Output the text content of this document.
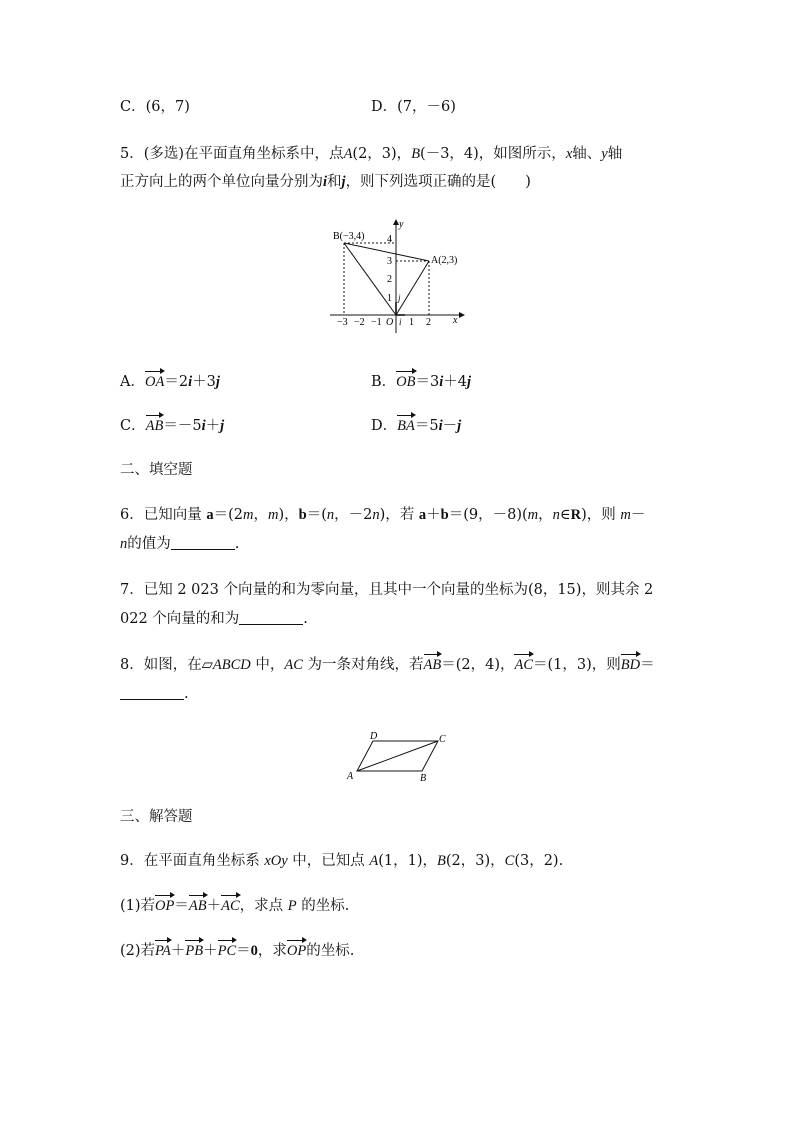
C．(6，7)	D．(7，－6)
5．(多选)在平面直角坐标系中，点A(2，3)，B(－3，4)，如图所示，x轴、y轴
正方向上的两个单位向量分别为i和j，则下列选项正确的是(　　)
B(−3,4)
A(2,3)
x
y
4
3
2
1 j
−3 −2 −1 O i 1 2
A．OA＝2i＋3j	B．OB＝3i＋4j
C．AB＝－5i＋j	D．BA＝5i－j
二、填空题
6．已知向量 a＝(2m，m)，b＝(n，－2n)，若 a＋b＝(9，－8)(m，n∈R)，则 m－
n的值为	.
7．已知 2 023 个向量的和为零向量，且其中一个向量的坐标为(8，15)，则其余 2
022 个向量的和为	.
8．如图，在▱ABCD 中，AC 为一条对角线，若AB＝(2，4)，AC＝(1，3)，则BD＝
.
A	B
C
D
三、解答题
9．在平面直角坐标系 xOy 中，已知点 A(1，1)，B(2，3)，C(3，2).
(1)若OP＝AB＋AC，求点 P 的坐标.
(2)若PA＋PB＋PC＝0，求OP的坐标.
